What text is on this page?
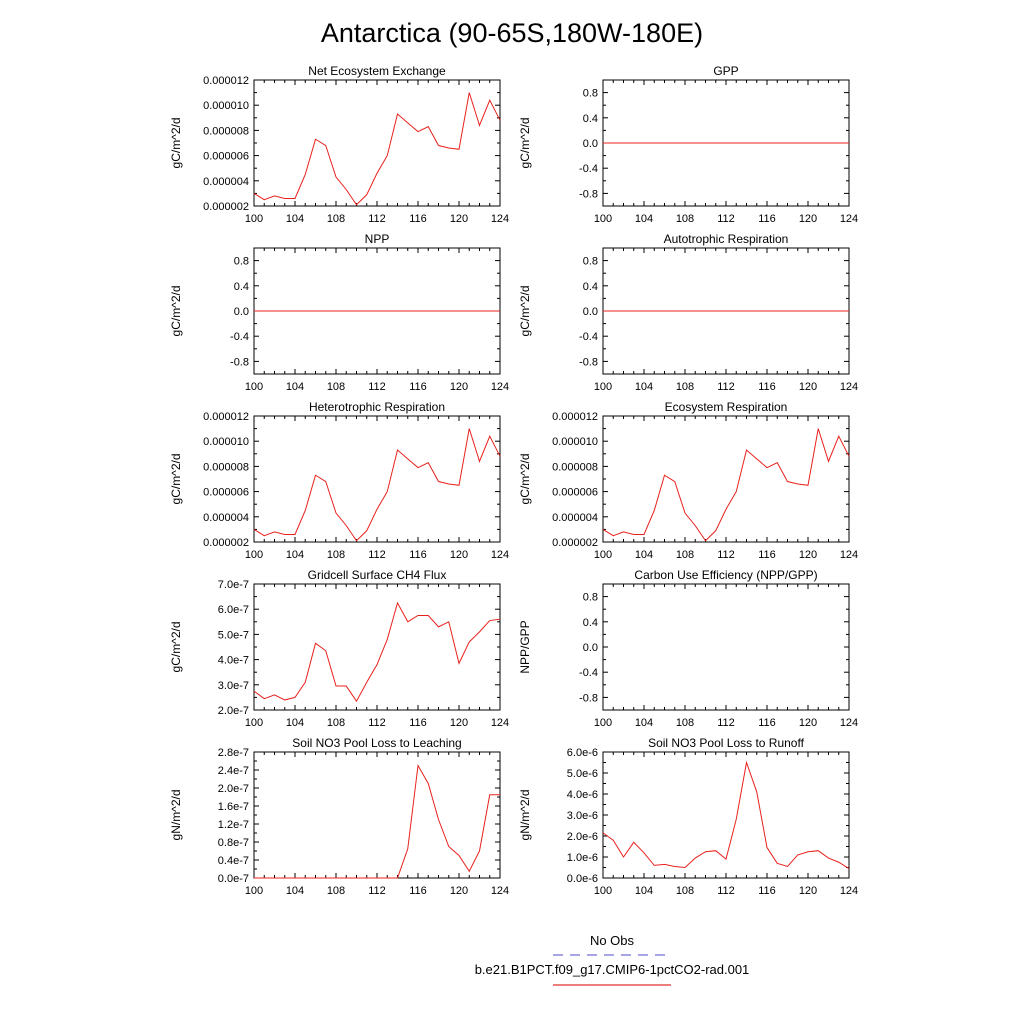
Antarctica (90-65S,180W-180E)
Net Ecosystem Exchange
gC/m^2/d
100 104 108 112 116 120 124
0.000002
0.000004
0.000006
0.000008
0.000010
0.000012
GPP
gC/m^2/d
100 104 108 112 116 120 124
-0.8
-0.4
0.0
0.4
0.8
NPP
gC/m^2/d
100 104 108 112 116 120 124
-0.8
-0.4
0.0
0.4
0.8
Autotrophic Respiration
gC/m^2/d
100 104 108 112 116 120 124
-0.8
-0.4
0.0
0.4
0.8
Heterotrophic Respiration
gC/m^2/d
100 104 108 112 116 120 124
0.000002
0.000004
0.000006
0.000008
0.000010
0.000012
Ecosystem Respiration
gC/m^2/d
100 104 108 112 116 120 124
0.000002
0.000004
0.000006
0.000008
0.000010
0.000012
Gridcell Surface CH4 Flux
gC/m^2/d
100 104 108 112 116 120 124
2.0e-7
3.0e-7
4.0e-7
5.0e-7
6.0e-7
7.0e-7
Carbon Use Efficiency (NPP/GPP)
NPP/GPP
100 104 108 112 116 120 124
-0.8
-0.4
0.0
0.4
0.8
Soil NO3 Pool Loss to Leaching
gN/m^2/d
100 104 108 112 116 120 124
0.0e-7
0.4e-7
0.8e-7
1.2e-7
1.6e-7
2.0e-7
2.4e-7
2.8e-7
Soil NO3 Pool Loss to Runoff
gN/m^2/d
100 104 108 112 116 120 124
0.0e-6
1.0e-6
2.0e-6
3.0e-6
4.0e-6
5.0e-6
6.0e-6
No Obs
b.e21.B1PCT.f09_g17.CMIP6-1pctCO2-rad.001
